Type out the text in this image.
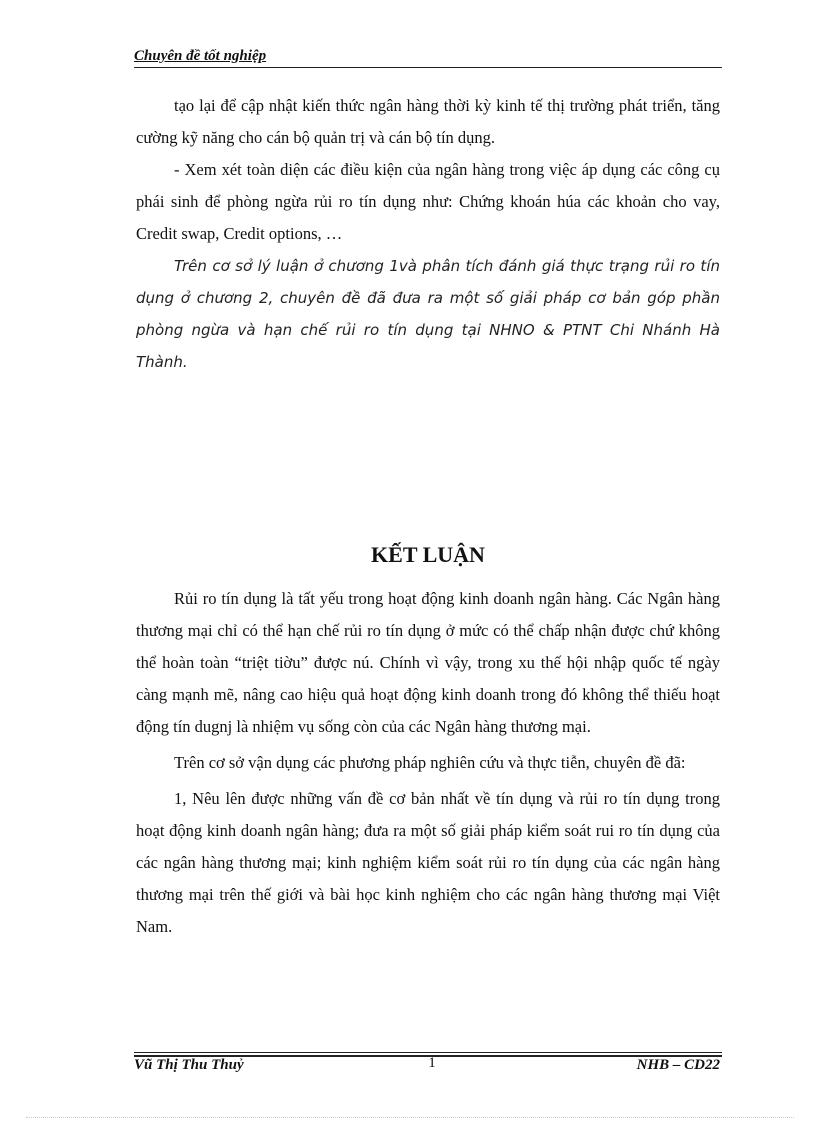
Chuyên đề tốt nghiệp

tạo lại để cập nhật kiến thức ngân hàng thời kỳ kinh tế thị trường phát triển, tăng cường kỹ năng cho cán bộ quản trị và cán bộ tín dụng.

- Xem xét toàn diện các điều kiện của ngân hàng trong việc áp dụng các công cụ phái sinh để phòng ngừa rủi ro tín dụng như: Chứng khoán húa các khoản cho vay, Credit swap, Credit options, …

Trên cơ sở lý luận ở chương 1và phân tích đánh giá thực trạng rủi ro tín dụng ở chương 2, chuyên đề đã đưa ra một số giải pháp cơ bản góp phần phòng ngừa và hạn chế rủi ro tín dụng tại NHNO & PTNT Chi Nhánh Hà Thành.

KẾT LUẬN

Rủi ro tín dụng là tất yếu trong hoạt động kinh doanh ngân hàng. Các Ngân hàng thương mại chỉ có thể hạn chế rủi ro tín dụng ở mức có thể chấp nhận được chứ không thể hoàn toàn “triệt tiờu” được nú. Chính vì vậy, trong xu thế hội nhập quốc tế ngày càng mạnh mẽ, nâng cao hiệu quả hoạt động kinh doanh trong đó không thể thiếu hoạt động tín dugnj là nhiệm vụ sống còn của các Ngân hàng thương mại.

Trên cơ sở vận dụng các phương pháp nghiên cứu và thực tiễn, chuyên đề đã:

1, Nêu lên được những vấn đề cơ bản nhất về tín dụng và rủi ro tín dụng trong hoạt động kinh doanh ngân hàng; đưa ra một số giải pháp kiểm soát rui ro tín dụng của các ngân hàng thương mại; kinh nghiệm kiểm soát rủi ro tín dụng của các ngân hàng thương mại trên thế giới và bài học kinh nghiệm cho các ngân hàng thương mại Việt Nam.

Vũ Thị Thu Thuỷ	1	NHB – CD22
